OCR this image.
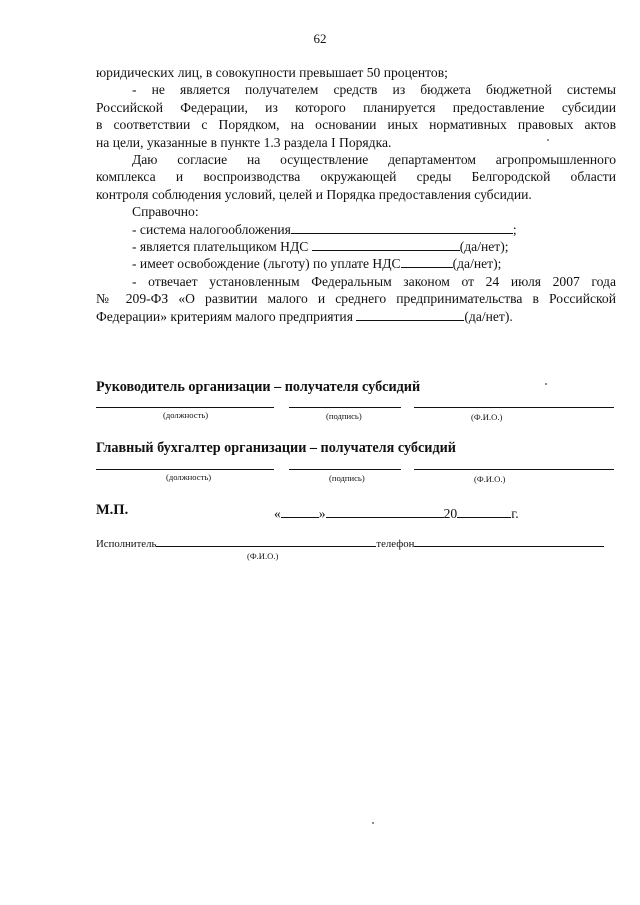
62
юридических лиц, в совокупности превышает 50 процентов;
- не является получателем средств из бюджета бюджетной системы
Российской Федерации, из которого планируется предоставление субсидии
в соответствии с Порядком, на основании иных нормативных правовых актов
на цели, указанные в пункте 1.3 раздела I Порядка.
Даю согласие на осуществление департаментом агропромышленного
комплекса и воспроизводства окружающей среды Белгородской области
контроля соблюдения условий, целей и Порядка предоставления субсидии.
Справочно:
- система налогообложения	;
- является плательщиком НДС	(да/нет);
- имеет освобождение (льготу) по уплате НДС	(да/нет);
- отвечает установленным Федеральным законом от 24 июля 2007 года
№ 209-ФЗ «О развитии малого и среднего предпринимательства в Российской
Федерации» критериям малого предприятия	(да/нет).
Руководитель организации – получателя субсидий
(должность)	(подпись)	(Ф.И.О.)
Главный бухгалтер организации – получателя субсидий
(должность)	(подпись)	(Ф.И.О.)
М.П.	«	»	20	г.
Исполнитель	телефон
(Ф.И.О.)
